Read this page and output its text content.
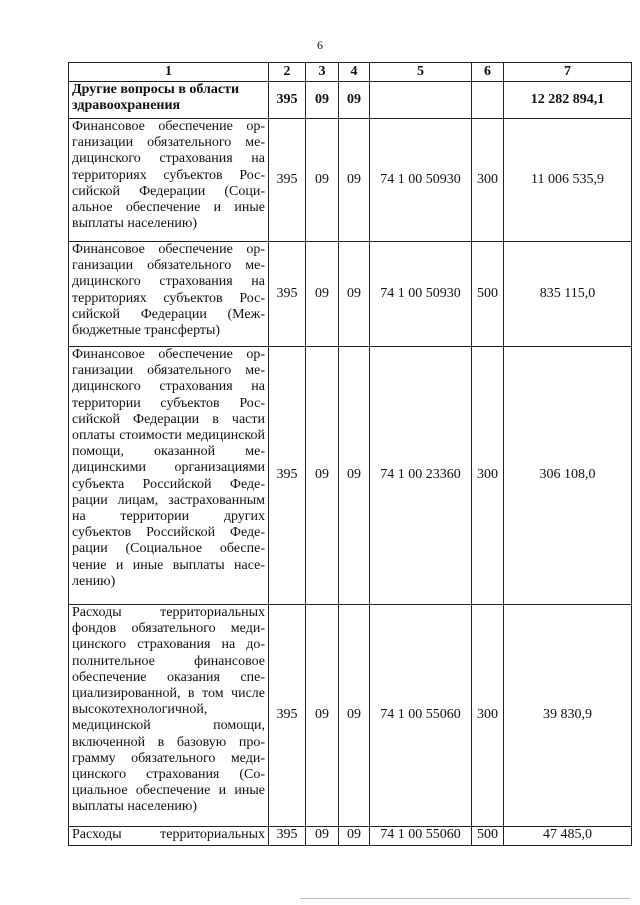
6
1	2	3	4	5	6	7
Другие вопросы в области здравоохранения	395	09	09			12 282 894,1
Финансовое обеспечение организации обязательного медицинского страхования на территориях субъектов Российской Федерации (Социальное обеспечение и иные выплаты населению)	395	09	09	74 1 00 50930	300	11 006 535,9
Финансовое обеспечение организации обязательного медицинского страхования на территориях субъектов Российской Федерации (Межбюджетные трансферты)	395	09	09	74 1 00 50930	500	835 115,0
Финансовое обеспечение организации обязательного медицинского страхования на территории субъектов Российской Федерации в части оплаты стоимости медицинской помощи, оказанной медицинскими организациями субъекта Российской Федерации лицам, застрахованным на территории других субъектов Российской Федерации (Социальное обеспечение и иные выплаты населению)	395	09	09	74 1 00 23360	300	306 108,0
Расходы территориальных фондов обязательного медицинского страхования на дополнительное финансовое обеспечение оказания специализированной, в том числе высокотехнологичной, медицинской помощи, включенной в базовую программу обязательного медицинского страхования (Социальное обеспечение и иные выплаты населению)	395	09	09	74 1 00 55060	300	39 830,9
Расходы территориальных	395	09	09	74 1 00 55060	500	47 485,0
